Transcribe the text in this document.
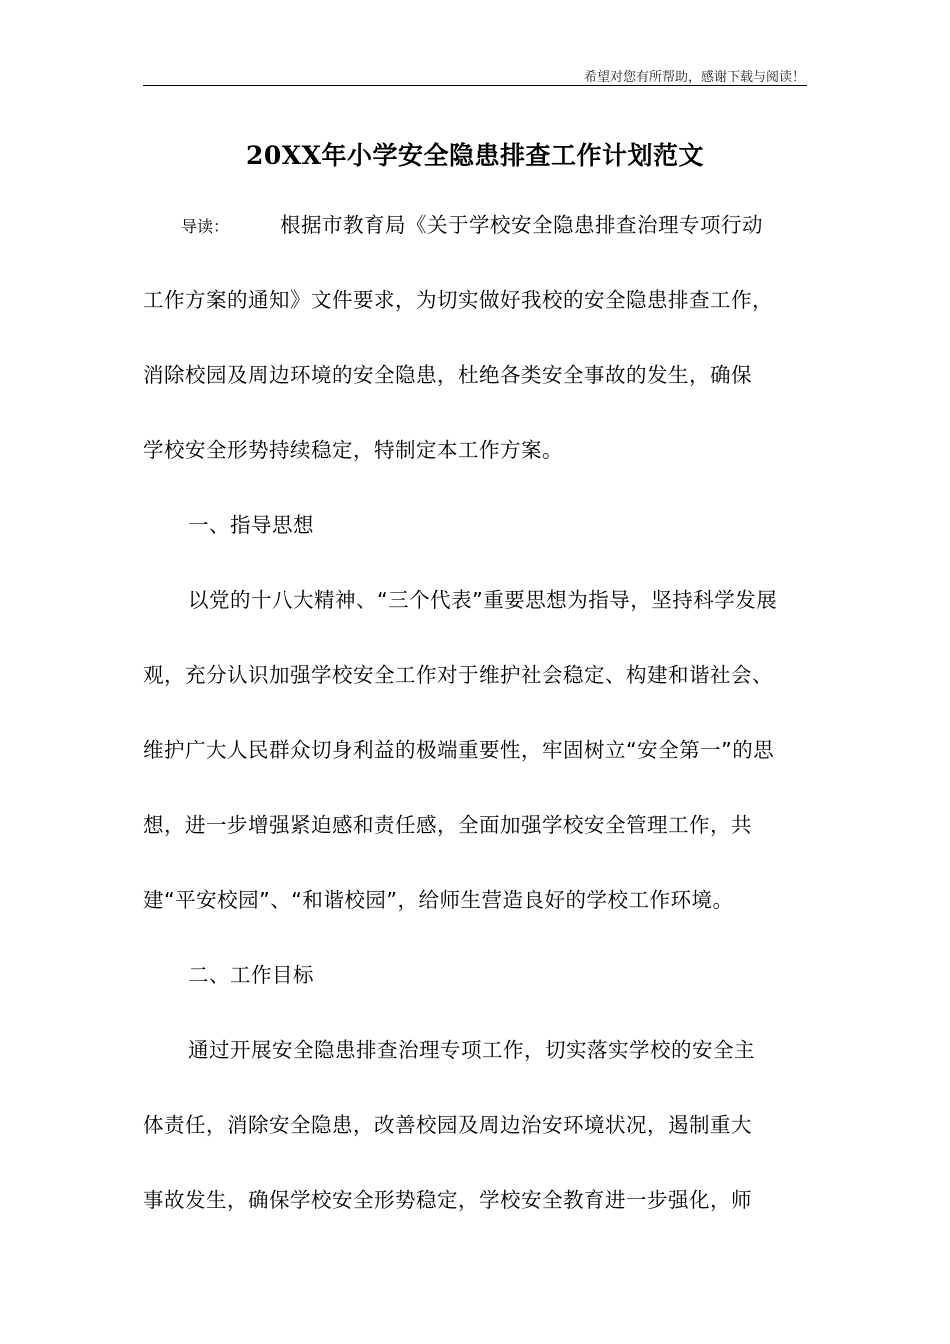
希望对您有所帮助，感谢下载与阅读！
20XX年小学安全隐患排查工作计划范文
导读： 根据市教育局《关于学校安全隐患排查治理专项行动
工作方案的通知》文件要求，为切实做好我校的安全隐患排查工作，
消除校园及周边环境的安全隐患，杜绝各类安全事故的发生，确保
学校安全形势持续稳定，特制定本工作方案。
一、指导思想
以党的十八大精神、“三个代表”重要思想为指导，坚持科学发展
观，充分认识加强学校安全工作对于维护社会稳定、构建和谐社会、
维护广大人民群众切身利益的极端重要性，牢固树立“安全第一”的思
想，进一步增强紧迫感和责任感，全面加强学校安全管理工作，共
建“平安校园”、“和谐校园”，给师生营造良好的学校工作环境。
二、工作目标
通过开展安全隐患排查治理专项工作，切实落实学校的安全主
体责任，消除安全隐患，改善校园及周边治安环境状况，遏制重大
事故发生，确保学校安全形势稳定，学校安全教育进一步强化，师
